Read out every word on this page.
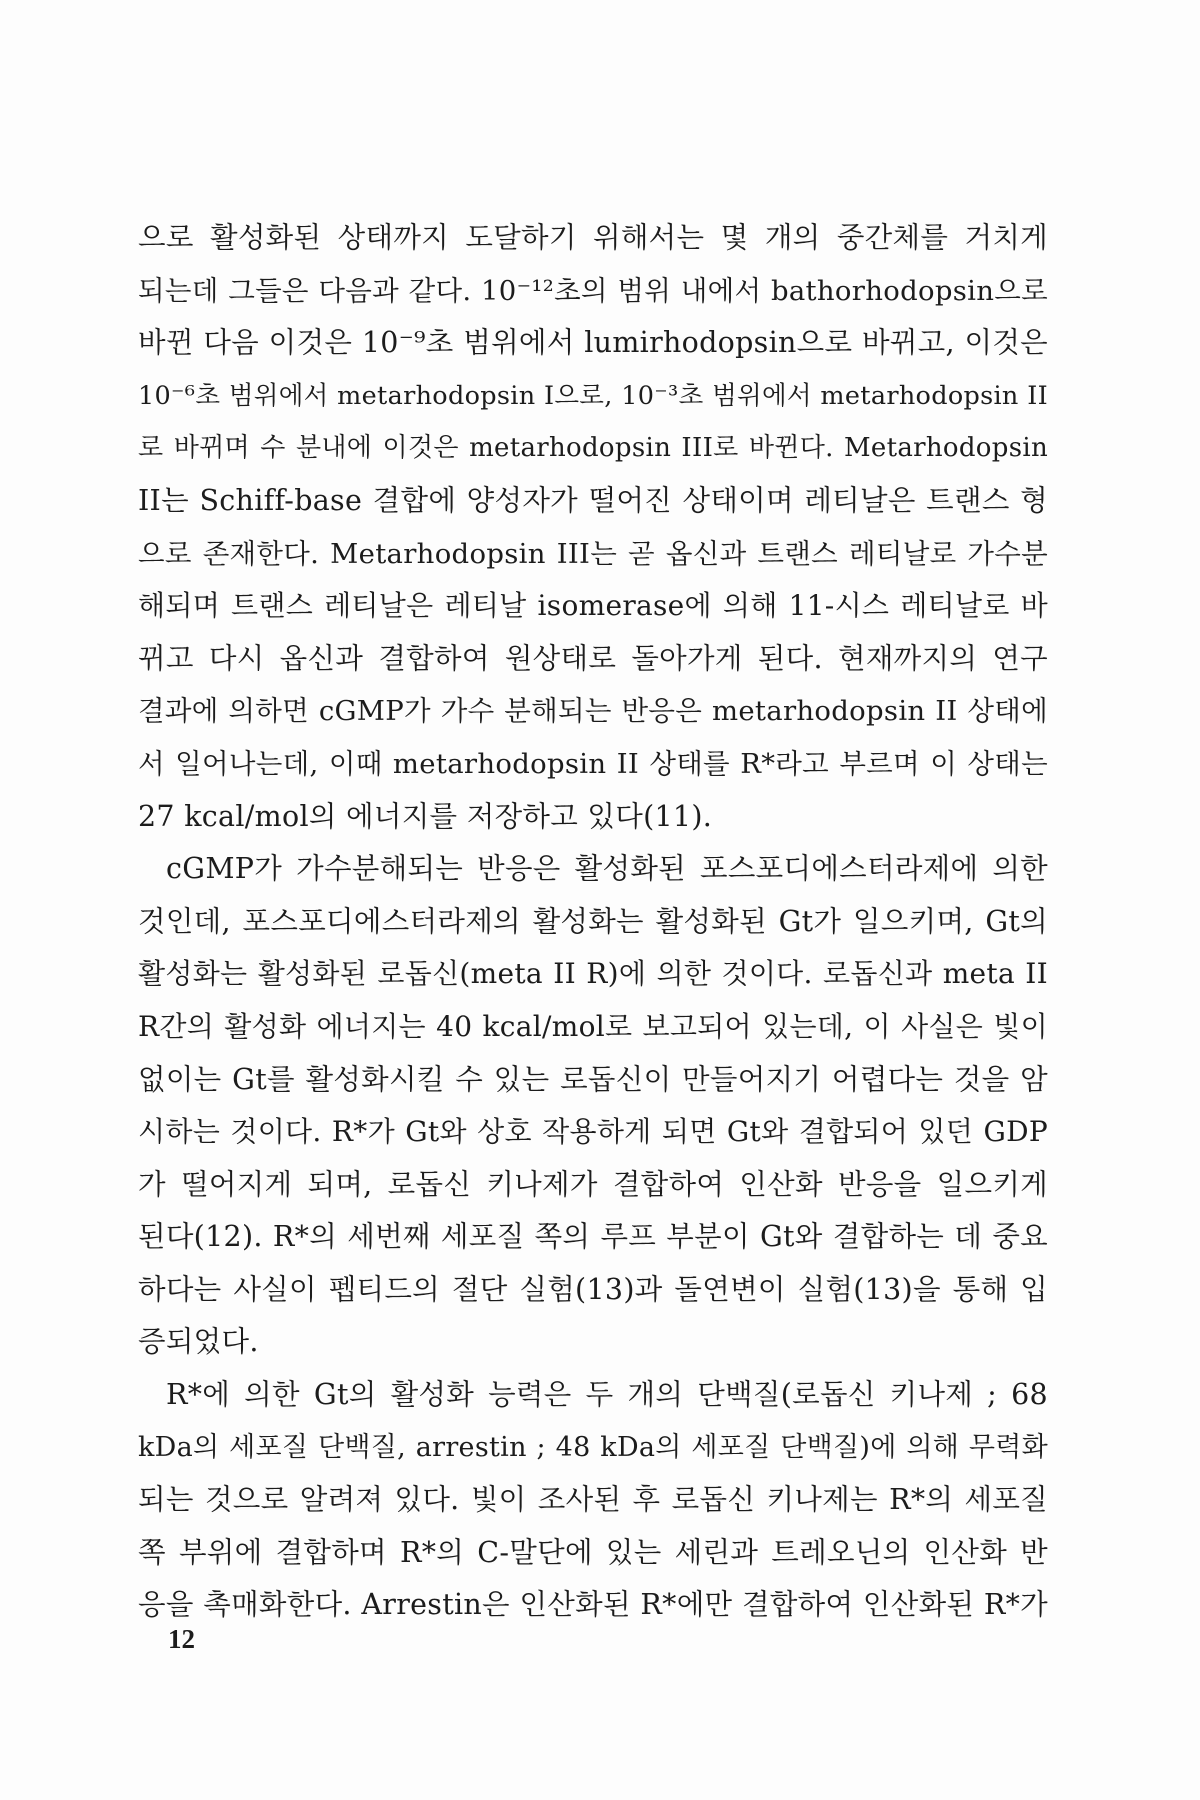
으로 활성화된 상태까지 도달하기 위해서는 몇 개의 중간체를 거치게
되는데 그들은 다음과 같다. 10⁻¹²초의 범위 내에서 bathorhodopsin으로
바뀐 다음 이것은 10⁻⁹초 범위에서 lumirhodopsin으로 바뀌고, 이것은
10⁻⁶초 범위에서 metarhodopsin I으로, 10⁻³초 범위에서 metarhodopsin II
로 바뀌며 수 분내에 이것은 metarhodopsin III로 바뀐다. Metarhodopsin
II는 Schiff-base 결합에 양성자가 떨어진 상태이며 레티날은 트랜스 형
으로 존재한다. Metarhodopsin III는 곧 옵신과 트랜스 레티날로 가수분
해되며 트랜스 레티날은 레티날 isomerase에 의해 11-시스 레티날로 바
뀌고 다시 옵신과 결합하여 원상태로 돌아가게 된다. 현재까지의 연구
결과에 의하면 cGMP가 가수 분해되는 반응은 metarhodopsin II 상태에
서 일어나는데, 이때 metarhodopsin II 상태를 R*라고 부르며 이 상태는
27 kcal/mol의 에너지를 저장하고 있다(11).
cGMP가 가수분해되는 반응은 활성화된 포스포디에스터라제에 의한
것인데, 포스포디에스터라제의 활성화는 활성화된 Gt가 일으키며, Gt의
활성화는 활성화된 로돕신(meta II R)에 의한 것이다. 로돕신과 meta II
R간의 활성화 에너지는 40 kcal/mol로 보고되어 있는데, 이 사실은 빛이
없이는 Gt를 활성화시킬 수 있는 로돕신이 만들어지기 어렵다는 것을 암
시하는 것이다. R*가 Gt와 상호 작용하게 되면 Gt와 결합되어 있던 GDP
가 떨어지게 되며, 로돕신 키나제가 결합하여 인산화 반응을 일으키게
된다(12). R*의 세번째 세포질 쪽의 루프 부분이 Gt와 결합하는 데 중요
하다는 사실이 펩티드의 절단 실험(13)과 돌연변이 실험(13)을 통해 입
증되었다.
R*에 의한 Gt의 활성화 능력은 두 개의 단백질(로돕신 키나제 ; 68
kDa의 세포질 단백질, arrestin ; 48 kDa의 세포질 단백질)에 의해 무력화
되는 것으로 알려져 있다. 빛이 조사된 후 로돕신 키나제는 R*의 세포질
쪽 부위에 결합하며 R*의 C-말단에 있는 세린과 트레오닌의 인산화 반
응을 촉매화한다. Arrestin은 인산화된 R*에만 결합하여 인산화된 R*가
12
